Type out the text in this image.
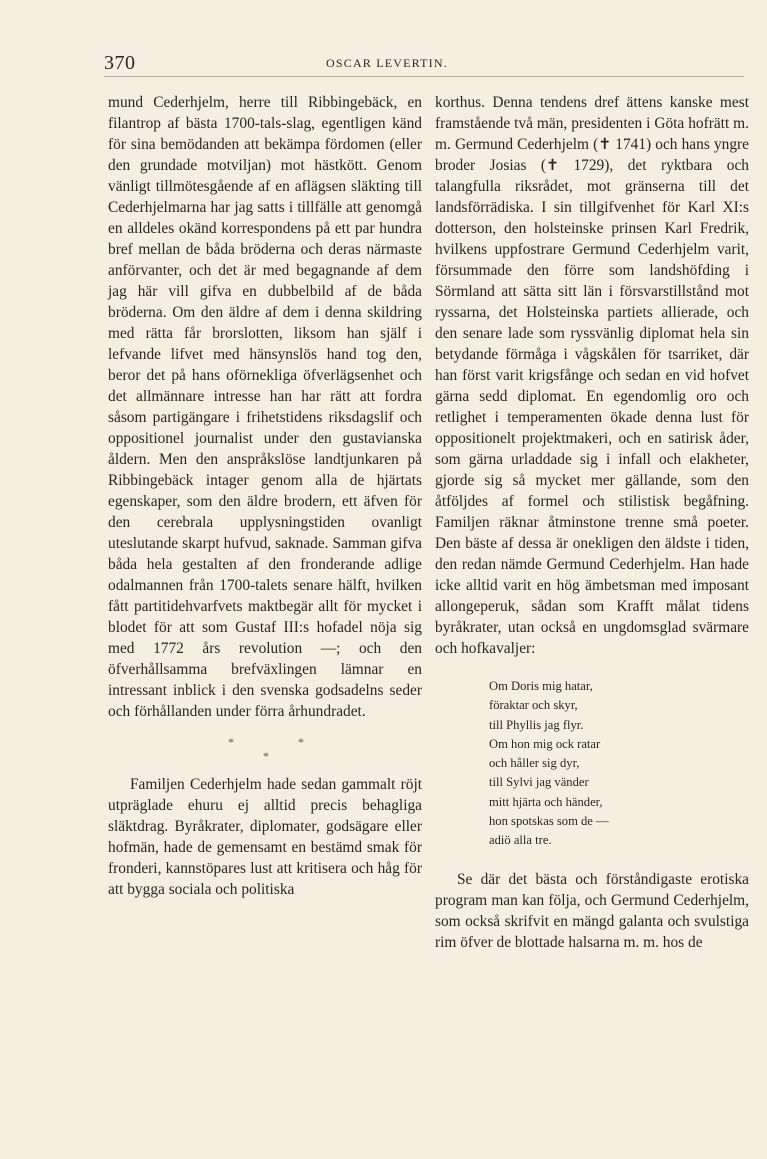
370	OSCAR LEVERTIN.

mund Cederhjelm, herre till Ribbingebäck, en filantrop af bästa 1700-tals-slag, egentligen känd för sina bemödanden att bekämpa fördomen (eller den grundade motviljan) mot hästkött. Genom vänligt tillmötesgående af en aflägsen släkting till Cederhjelmarna har jag satts i tillfälle att genomgå en alldeles okänd korrespondens på ett par hundra bref mellan de båda bröderna och deras närmaste anförvanter, och det är med begagnande af dem jag här vill gifva en dubbelbild af de båda bröderna. Om den äldre af dem i denna skildring med rätta får brorslotten, liksom han själf i lefvande lifvet med hänsynslös hand tog den, beror det på hans oförnekliga öfverlägsenhet och det allmännare intresse han har rätt att fordra såsom partigängare i frihetstidens riksdagslif och oppositionel journalist under den gustavianska åldern. Men den anspråkslöse landtjunkaren på Ribbingebäck intager genom alla de hjärtats egenskaper, som den äldre brodern, ett äfven för den cerebrala upplysningstiden ovanligt uteslutande skarpt hufvud, saknade. Samman gifva båda hela gestalten af den fronderande adlige odalmannen från 1700-talets senare hälft, hvilken fått partitidehvarfvets maktbegär allt för mycket i blodet för att som Gustaf III:s hofadel nöja sig med 1772 års revolution —; och den öfverhållsamma brefväxlingen lämnar en intressant inblick i den svenska godsadelns seder och förhållanden under förra århundradet.

*	*
*

Familjen Cederhjelm hade sedan gammalt röjt utpräglade ehuru ej alltid precis behagliga släktdrag. Byråkrater, diplomater, godsägare eller hofmän, hade de gemensamt en bestämd smak för fronderi, kannstöpares lust att kritisera och håg för att bygga sociala och politiska

korthus. Denna tendens dref ättens kanske mest framstående två män, presidenten i Göta hofrätt m. m. Germund Cederhjelm (✝ 1741) och hans yngre broder Josias (✝ 1729), det ryktbara och talangfulla riksrådet, mot gränserna till det landsförrädiska. I sin tillgifvenhet för Karl XI:s dotterson, den holsteinske prinsen Karl Fredrik, hvilkens uppfostrare Germund Cederhjelm varit, försummade den förre som landshöfding i Sörmland att sätta sitt län i försvarstillstånd mot ryssarna, det Holsteinska partiets allierade, och den senare lade som ryssvänlig diplomat hela sin betydande förmåga i vågskålen för tsarriket, där han först varit krigsfånge och sedan en vid hofvet gärna sedd diplomat. En egendomlig oro och retlighet i temperamenten ökade denna lust för oppositionelt projektmakeri, och en satirisk åder, som gärna urladdade sig i infall och elakheter, gjorde sig så mycket mer gällande, som den åtföljdes af formel och stilistisk begåfning. Familjen räknar åtminstone trenne små poeter. Den bäste af dessa är onekligen den äldste i tiden, den redan nämde Germund Cederhjelm. Han hade icke alltid varit en hög ämbetsman med imposant allongeperuk, sådan som Krafft målat tidens byråkrater, utan också en ungdomsglad svärmare och hofkavaljer:

Om Doris mig hatar,
föraktar och skyr,
till Phyllis jag flyr.
Om hon mig ock ratar
och håller sig dyr,
till Sylvi jag vänder
mitt hjärta och händer,
hon spotskas som de —
adiö alla tre.

Se där det bästa och förståndigaste erotiska program man kan följa, och Germund Cederhjelm, som också skrifvit en mängd galanta och svulstiga rim öfver de blottade halsarna m. m. hos de
